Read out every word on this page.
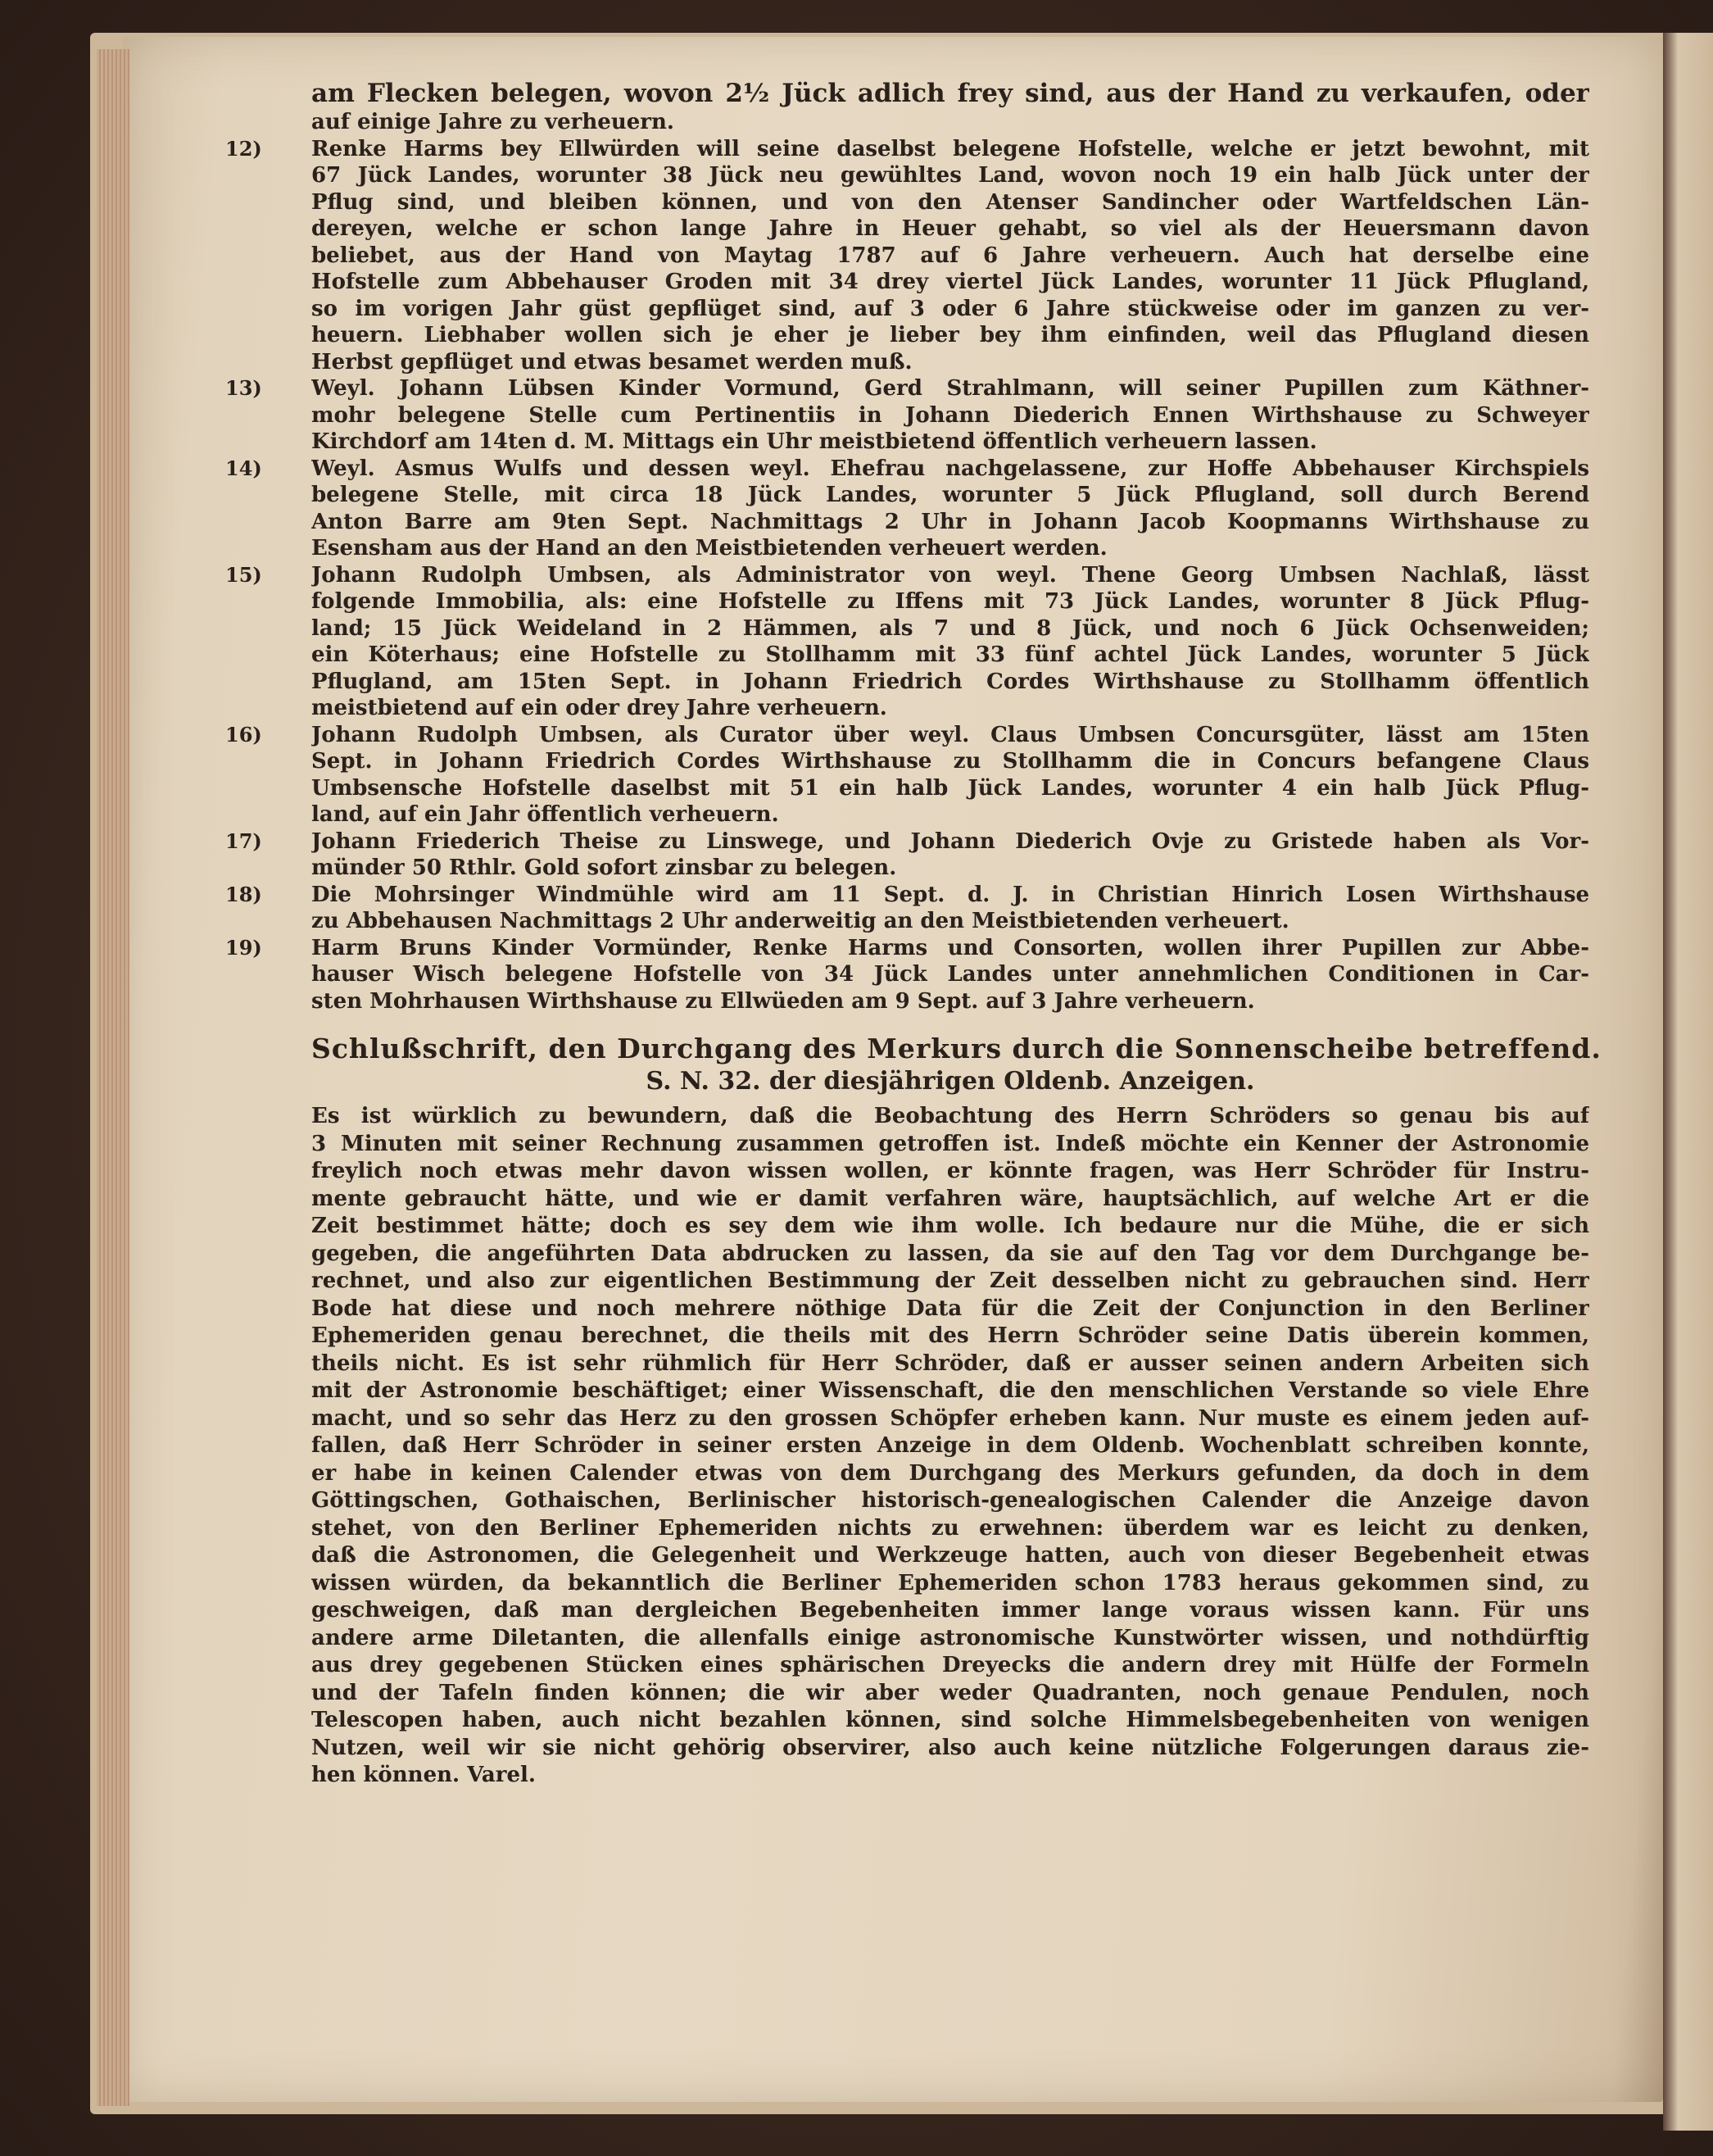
am Flecken belegen, wovon 2½ Jück adlich frey sind, aus der Hand zu verkaufen, oder
auf einige Jahre zu verheuern.
12)	Renke Harms bey Ellwürden will seine daselbst belegene Hofstelle, welche er jetzt bewohnt, mit
67 Jück Landes, worunter 38 Jück neu gewühltes Land, wovon noch 19 ein halb Jück unter der
Pflug sind, und bleiben können, und von den Atenser Sandincher oder Wartfeldschen Län-
dereyen, welche er schon lange Jahre in Heuer gehabt, so viel als der Heuersmann davon
beliebet, aus der Hand von Maytag 1787 auf 6 Jahre verheuern. Auch hat derselbe eine
Hofstelle zum Abbehauser Groden mit 34 drey viertel Jück Landes, worunter 11 Jück Pflugland,
so im vorigen Jahr güst gepflüget sind, auf 3 oder 6 Jahre stückweise oder im ganzen zu ver-
heuern. Liebhaber wollen sich je eher je lieber bey ihm einfinden, weil das Pflugland diesen
Herbst gepflüget und etwas besamet werden muß.
13)	Weyl. Johann Lübsen Kinder Vormund, Gerd Strahlmann, will seiner Pupillen zum Käthner-
mohr belegene Stelle cum Pertinentiis in Johann Diederich Ennen Wirthshause zu Schweyer
Kirchdorf am 14ten d. M. Mittags ein Uhr meistbietend öffentlich verheuern lassen.
14)	Weyl. Asmus Wulfs und dessen weyl. Ehefrau nachgelassene, zur Hoffe Abbehauser Kirchspiels
belegene Stelle, mit circa 18 Jück Landes, worunter 5 Jück Pflugland, soll durch Berend
Anton Barre am 9ten Sept. Nachmittags 2 Uhr in Johann Jacob Koopmanns Wirthshause zu
Esensham aus der Hand an den Meistbietenden verheuert werden.
15)	Johann Rudolph Umbsen, als Administrator von weyl. Thene Georg Umbsen Nachlaß, lässt
folgende Immobilia, als: eine Hofstelle zu Iffens mit 73 Jück Landes, worunter 8 Jück Pflug-
land; 15 Jück Weideland in 2 Hämmen, als 7 und 8 Jück, und noch 6 Jück Ochsenweiden;
ein Köterhaus; eine Hofstelle zu Stollhamm mit 33 fünf achtel Jück Landes, worunter 5 Jück
Pflugland, am 15ten Sept. in Johann Friedrich Cordes Wirthshause zu Stollhamm öffentlich
meistbietend auf ein oder drey Jahre verheuern.
16)	Johann Rudolph Umbsen, als Curator über weyl. Claus Umbsen Concursgüter, lässt am 15ten
Sept. in Johann Friedrich Cordes Wirthshause zu Stollhamm die in Concurs befangene Claus
Umbsensche Hofstelle daselbst mit 51 ein halb Jück Landes, worunter 4 ein halb Jück Pflug-
land, auf ein Jahr öffentlich verheuern.
17)	Johann Friederich Theise zu Linswege, und Johann Diederich Ovje zu Gristede haben als Vor-
münder 50 Rthlr. Gold sofort zinsbar zu belegen.
18)	Die Mohrsinger Windmühle wird am 11 Sept. d. J. in Christian Hinrich Losen Wirthshause
zu Abbehausen Nachmittags 2 Uhr anderweitig an den Meistbietenden verheuert.
19)	Harm Bruns Kinder Vormünder, Renke Harms und Consorten, wollen ihrer Pupillen zur Abbe-
hauser Wisch belegene Hofstelle von 34 Jück Landes unter annehmlichen Conditionen in Car-
sten Mohrhausen Wirthshause zu Ellwüeden am 9 Sept. auf 3 Jahre verheuern.
Schlußschrift, den Durchgang des Merkurs durch die Sonnenscheibe betreffend.
S. N. 32. der diesjährigen Oldenb. Anzeigen.
Es ist würklich zu bewundern, daß die Beobachtung des Herrn Schröders so genau bis auf
3 Minuten mit seiner Rechnung zusammen getroffen ist. Indeß möchte ein Kenner der Astronomie
freylich noch etwas mehr davon wissen wollen, er könnte fragen, was Herr Schröder für Instru-
mente gebraucht hätte, und wie er damit verfahren wäre, hauptsächlich, auf welche Art er die
Zeit bestimmet hätte; doch es sey dem wie ihm wolle. Ich bedaure nur die Mühe, die er sich
gegeben, die angeführten Data abdrucken zu lassen, da sie auf den Tag vor dem Durchgange be-
rechnet, und also zur eigentlichen Bestimmung der Zeit desselben nicht zu gebrauchen sind. Herr
Bode hat diese und noch mehrere nöthige Data für die Zeit der Conjunction in den Berliner
Ephemeriden genau berechnet, die theils mit des Herrn Schröder seine Datis überein kommen,
theils nicht. Es ist sehr rühmlich für Herr Schröder, daß er ausser seinen andern Arbeiten sich
mit der Astronomie beschäftiget; einer Wissenschaft, die den menschlichen Verstande so viele Ehre
macht, und so sehr das Herz zu den grossen Schöpfer erheben kann. Nur muste es einem jeden auf-
fallen, daß Herr Schröder in seiner ersten Anzeige in dem Oldenb. Wochenblatt schreiben konnte,
er habe in keinen Calender etwas von dem Durchgang des Merkurs gefunden, da doch in dem
Göttingschen, Gothaischen, Berlinischer historisch-genealogischen Calender die Anzeige davon
stehet, von den Berliner Ephemeriden nichts zu erwehnen: überdem war es leicht zu denken,
daß die Astronomen, die Gelegenheit und Werkzeuge hatten, auch von dieser Begebenheit etwas
wissen würden, da bekanntlich die Berliner Ephemeriden schon 1783 heraus gekommen sind, zu
geschweigen, daß man dergleichen Begebenheiten immer lange voraus wissen kann. Für uns
andere arme Diletanten, die allenfalls einige astronomische Kunstwörter wissen, und nothdürftig
aus drey gegebenen Stücken eines sphärischen Dreyecks die andern drey mit Hülfe der Formeln
und der Tafeln finden können; die wir aber weder Quadranten, noch genaue Pendulen, noch
Telescopen haben, auch nicht bezahlen können, sind solche Himmelsbegebenheiten von wenigen
Nutzen, weil wir sie nicht gehörig observirer, also auch keine nützliche Folgerungen daraus zie-
hen können. Varel.
